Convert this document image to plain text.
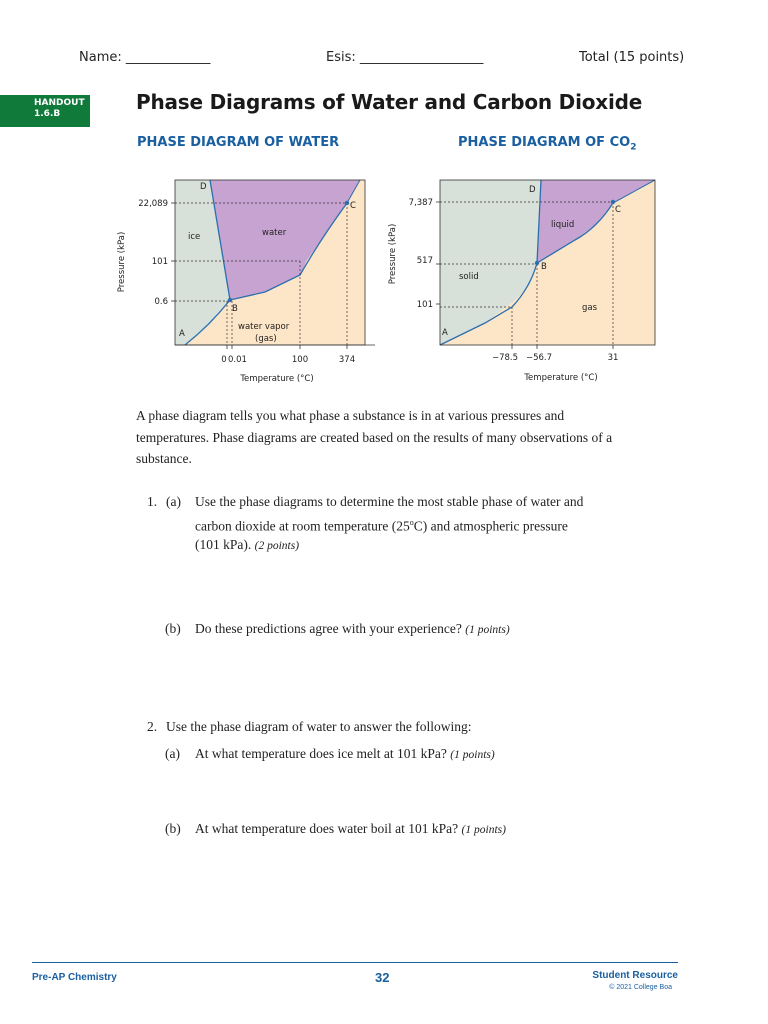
Name: _____________	Esis: ___________________	Total (15 points)
HANDOUT
1.6.B	Phase Diagrams of Water and Carbon Dioxide
PHASE DIAGRAM OF WATER	PHASE DIAGRAM OF $CO_2$
22,089
101
0.6
0 0.01	100	374
A
B
C
D
ice	water
water vapor
(gas)
Temperature (°C)
Pressure (kPa)
7,387
517
101
−78.5 −56.7	31
A
B
C
D
solid
liquid
gas
Temperature (°C)
Pressure (kPa)
A phase diagram tells you what phase a substance is in at various pressures and temperatures. Phase diagrams are created based on the results of many observations of a substance.
1. (a) Use the phase diagrams to determine the most stable phase of water and
carbon dioxide at room temperature (25$^o$C) and atmospheric pressure
(101 kPa). (2 points)
(b) Do these predictions agree with your experience? (1 points)
2. Use the phase diagram of water to answer the following:
(a) At what temperature does ice melt at 101 kPa? (1 points)
(b) At what temperature does water boil at 101 kPa? (1 points)
Pre-AP Chemistry	32	Student Resource
© 2021 College Boa
